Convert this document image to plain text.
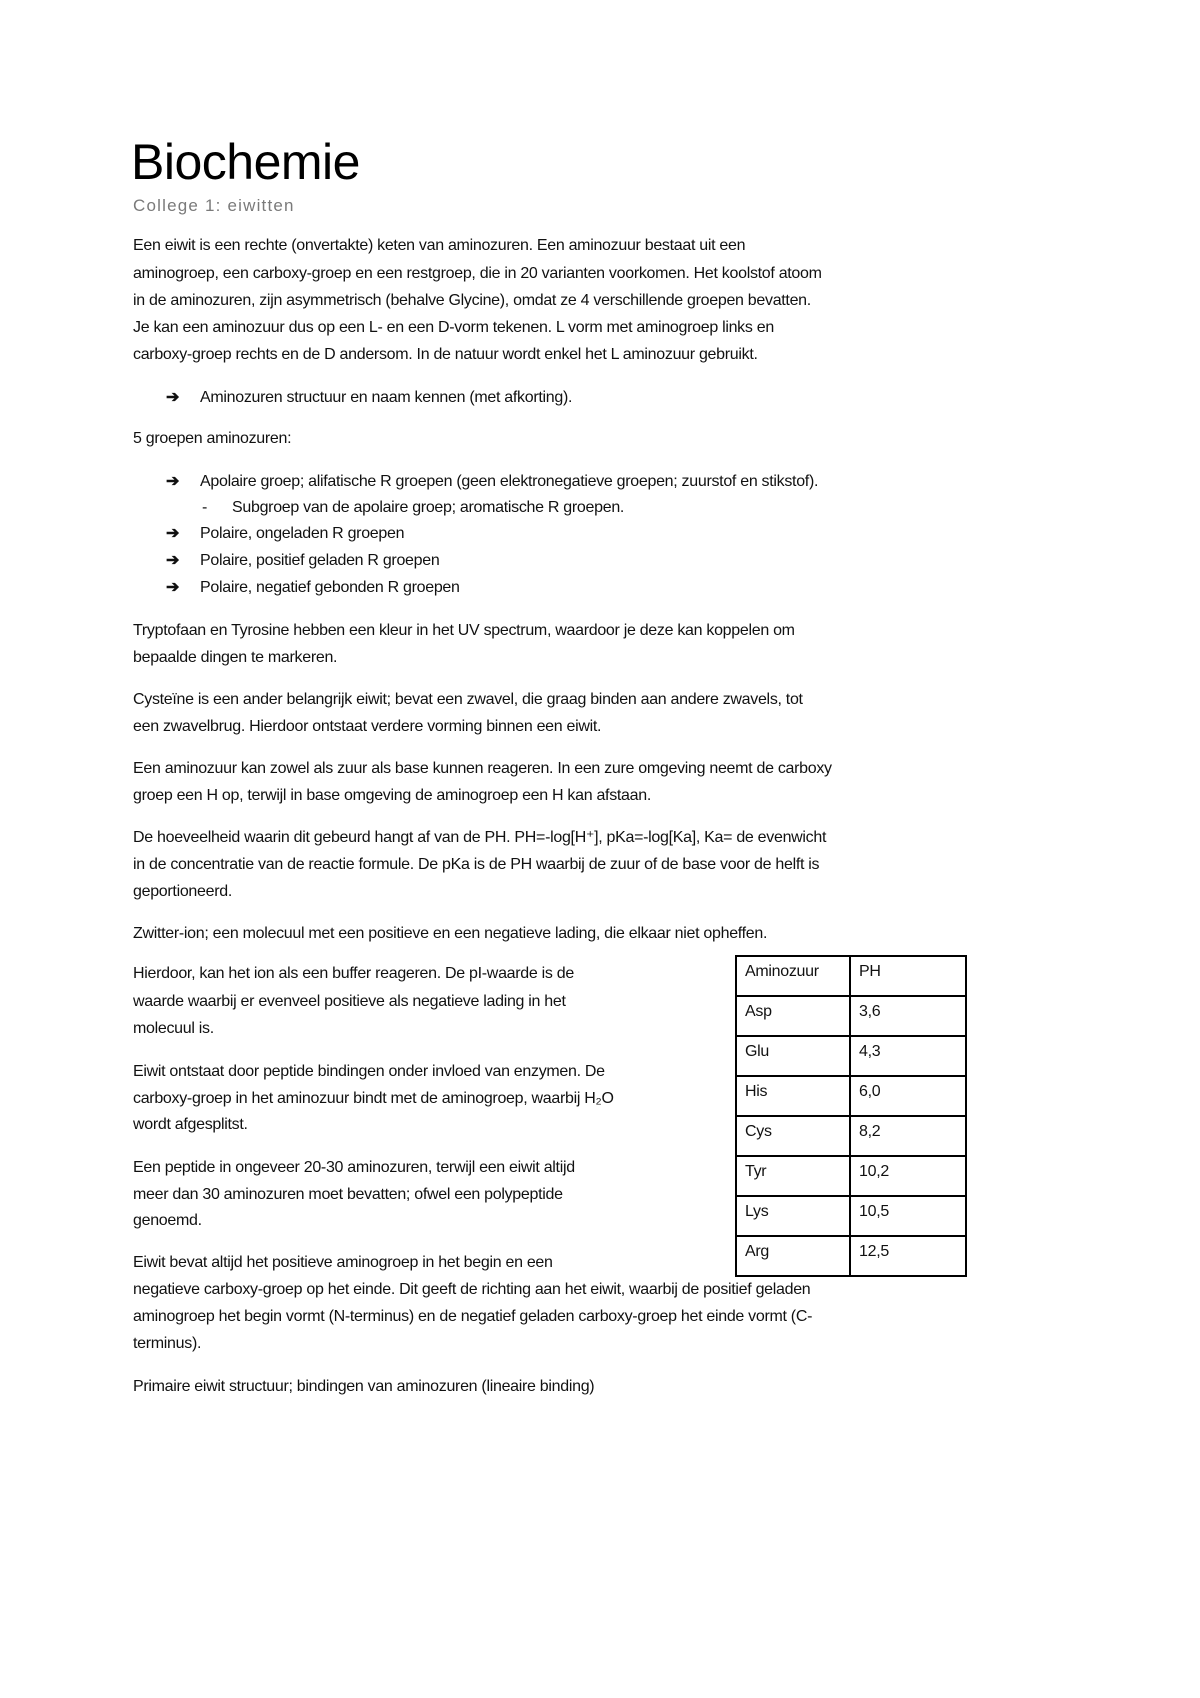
Biochemie
College 1: eiwitten
Een eiwit is een rechte (onvertakte) keten van aminozuren. Een aminozuur bestaat uit een
aminogroep, een carboxy-groep en een restgroep, die in 20 varianten voorkomen. Het koolstof atoom
in de aminozuren, zijn asymmetrisch (behalve Glycine), omdat ze 4 verschillende groepen bevatten.
Je kan een aminozuur dus op een L- en een D-vorm tekenen. L vorm met aminogroep links en
carboxy-groep rechts en de D andersom. In de natuur wordt enkel het L aminozuur gebruikt.
➔ Aminozuren structuur en naam kennen (met afkorting).
5 groepen aminozuren:
➔ Apolaire groep; alifatische R groepen (geen elektronegatieve groepen; zuurstof en stikstof).
- Subgroep van de apolaire groep; aromatische R groepen.
➔ Polaire, ongeladen R groepen
➔ Polaire, positief geladen R groepen
➔ Polaire, negatief gebonden R groepen
Tryptofaan en Tyrosine hebben een kleur in het UV spectrum, waardoor je deze kan koppelen om
bepaalde dingen te markeren.
Cysteïne is een ander belangrijk eiwit; bevat een zwavel, die graag binden aan andere zwavels, tot
een zwavelbrug. Hierdoor ontstaat verdere vorming binnen een eiwit.
Een aminozuur kan zowel als zuur als base kunnen reageren. In een zure omgeving neemt de carboxy
groep een H op, terwijl in base omgeving de aminogroep een H kan afstaan.
De hoeveelheid waarin dit gebeurd hangt af van de PH. PH=-log[H⁺], pKa=-log[Ka], Ka= de evenwicht
in de concentratie van de reactie formule. De pKa is de PH waarbij de zuur of de base voor de helft is
geportioneerd.
Zwitter-ion; een molecuul met een positieve en een negatieve lading, die elkaar niet opheffen.
Hierdoor, kan het ion als een buffer reageren. De pI-waarde is de
waarde waarbij er evenveel positieve als negatieve lading in het
molecuul is.
Eiwit ontstaat door peptide bindingen onder invloed van enzymen. De
carboxy-groep in het aminozuur bindt met de aminogroep, waarbij H₂O
wordt afgesplitst.
Een peptide in ongeveer 20-30 aminozuren, terwijl een eiwit altijd
meer dan 30 aminozuren moet bevatten; ofwel een polypeptide
genoemd.
Eiwit bevat altijd het positieve aminogroep in het begin en een
negatieve carboxy-groep op het einde. Dit geeft de richting aan het eiwit, waarbij de positief geladen
aminogroep het begin vormt (N-terminus) en de negatief geladen carboxy-groep het einde vormt (C-
terminus).
Primaire eiwit structuur; bindingen van aminozuren (lineaire binding)
Aminozuur	PH
Asp	3,6
Glu	4,3
His	6,0
Cys	8,2
Tyr	10,2
Lys	10,5
Arg	12,5
